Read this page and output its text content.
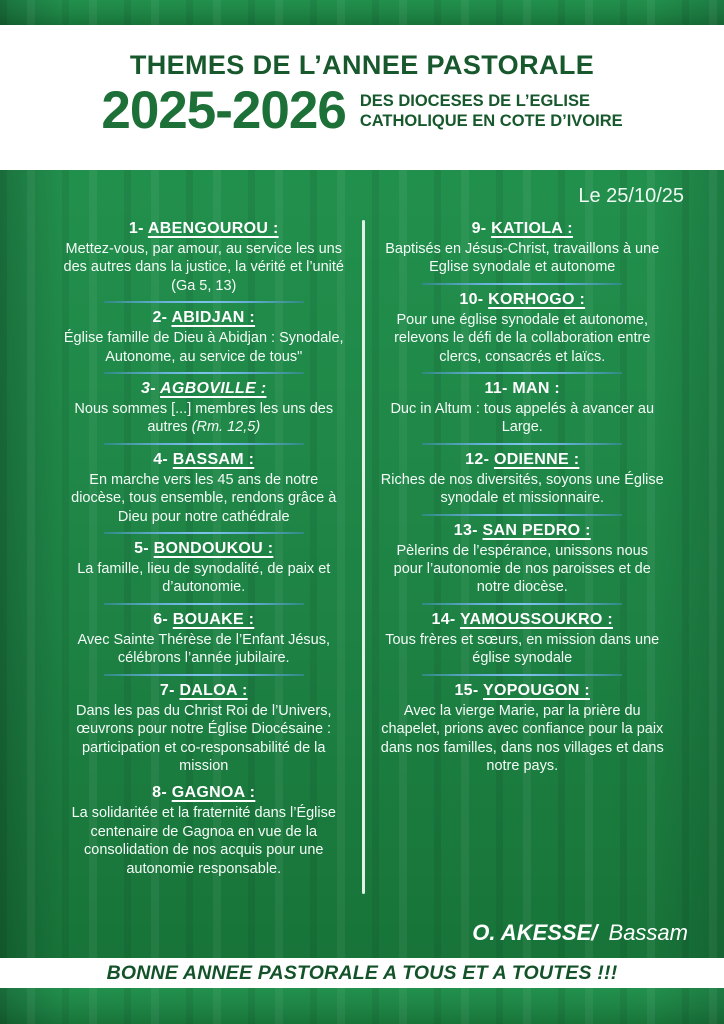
THEMES DE L’ANNEE PASTORALE
2025-2026 DES DIOCESES DE L’EGLISE
CATHOLIQUE EN COTE D’IVOIRE
Le 25/10/25
1- ABENGOUROU :

Mettez-vous, par amour, au service les uns des autres dans la justice, la vérité et l’unité (Ga 5, 13)

2- ABIDJAN :

Église famille de Dieu à Abidjan : Synodale, Autonome, au service de tous"

3- AGBOVILLE :

Nous sommes [...] membres les uns des autres (Rm. 12,5)

4- BASSAM :

En marche vers les 45 ans de notre diocèse, tous ensemble, rendons grâce à Dieu pour notre cathédrale

5- BONDOUKOU :

La famille, lieu de synodalité, de paix et d’autonomie.

6- BOUAKE :

Avec Sainte Thérèse de l’Enfant Jésus, célébrons l’année jubilaire.

7- DALOA :

Dans les pas du Christ Roi de l’Univers, œuvrons pour notre Église Diocésaine : participation et co-responsabilité de la mission

8- GAGNOA :

La solidaritée et la fraternité dans l’Église centenaire de Gagnoa en vue de la consolidation de nos acquis pour une autonomie responsable.

9- KATIOLA :

Baptisés en Jésus-Christ, travaillons à une Eglise synodale et autonome

10- KORHOGO :

Pour une église synodale et autonome, relevons le défi de la collaboration entre clercs, consacrés et laïcs.

11- MAN :

Duc in Altum : tous appelés à avancer au Large.

12- ODIENNE :

Riches de nos diversités, soyons une Église synodale et missionnaire.

13- SAN PEDRO :

Pèlerins de l’espérance, unissons nous pour l’autonomie de nos paroisses et de notre diocèse.

14- YAMOUSSOUKRO :

Tous frères et sœurs, en mission dans une église synodale

15- YOPOUGON :

Avec la vierge Marie, par la prière du chapelet, prions avec confiance pour la paix dans nos familles, dans nos villages et dans notre pays.

O. AKESSE/ Bassam
BONNE ANNEE PASTORALE A TOUS ET A TOUTES !!!
